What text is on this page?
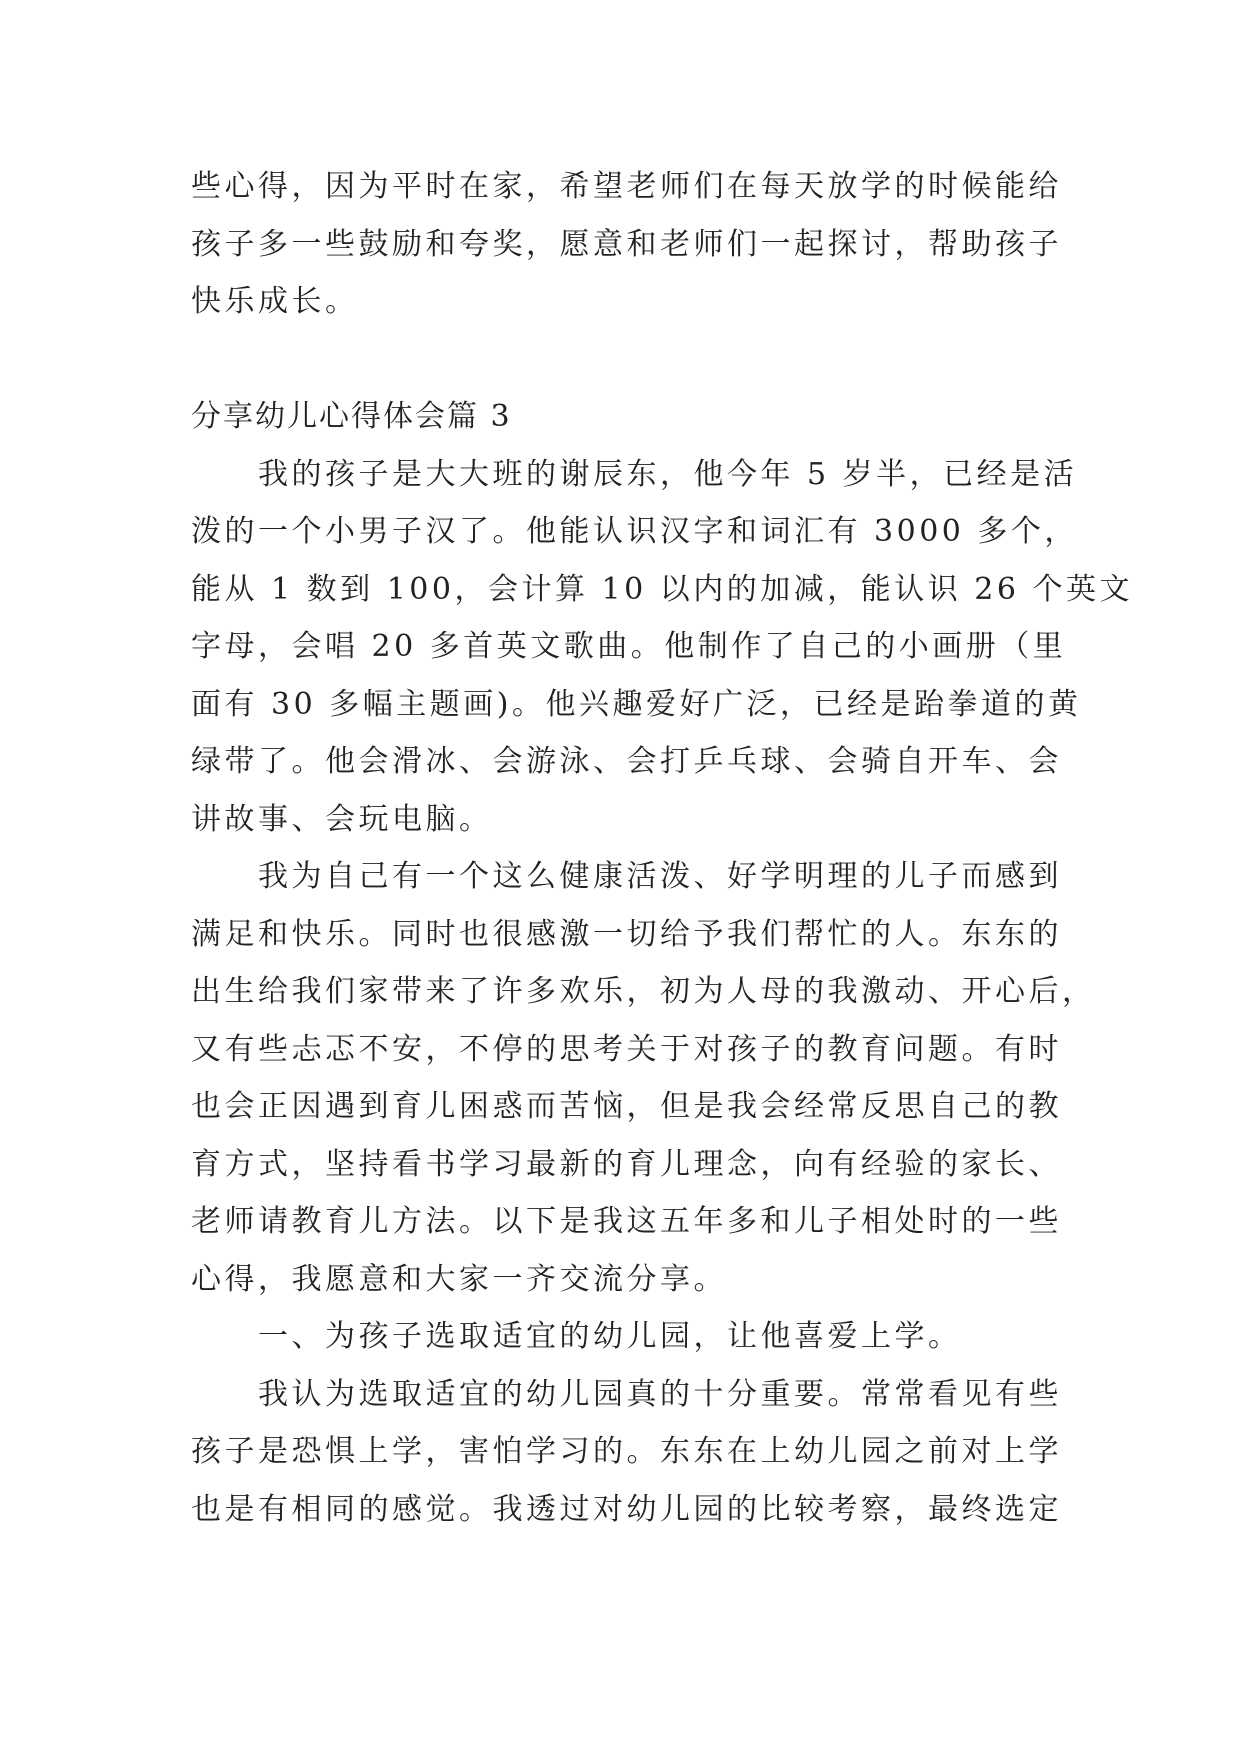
些心得，因为平时在家，希望老师们在每天放学的时候能给
孩子多一些鼓励和夸奖，愿意和老师们一起探讨，帮助孩子
快乐成长。
分享幼儿心得体会篇 3
　　我的孩子是大大班的谢辰东，他今年 5 岁半，已经是活
泼的一个小男子汉了。他能认识汉字和词汇有 3000 多个，
能从 1 数到 100，会计算 10 以内的加减，能认识 26 个英文
字母，会唱 20 多首英文歌曲。他制作了自己的小画册（里
面有 30 多幅主题画)。他兴趣爱好广泛，已经是跆拳道的黄
绿带了。他会滑冰、会游泳、会打乒乓球、会骑自开车、会
讲故事、会玩电脑。
　　我为自己有一个这么健康活泼、好学明理的儿子而感到
满足和快乐。同时也很感激一切给予我们帮忙的人。东东的
出生给我们家带来了许多欢乐，初为人母的我激动、开心后，
又有些忐忑不安，不停的思考关于对孩子的教育问题。有时
也会正因遇到育儿困惑而苦恼，但是我会经常反思自己的教
育方式，坚持看书学习最新的育儿理念，向有经验的家长、
老师请教育儿方法。以下是我这五年多和儿子相处时的一些
心得，我愿意和大家一齐交流分享。
　　一、为孩子选取适宜的幼儿园，让他喜爱上学。
　　我认为选取适宜的幼儿园真的十分重要。常常看见有些
孩子是恐惧上学，害怕学习的。东东在上幼儿园之前对上学
也是有相同的感觉。我透过对幼儿园的比较考察，最终选定
